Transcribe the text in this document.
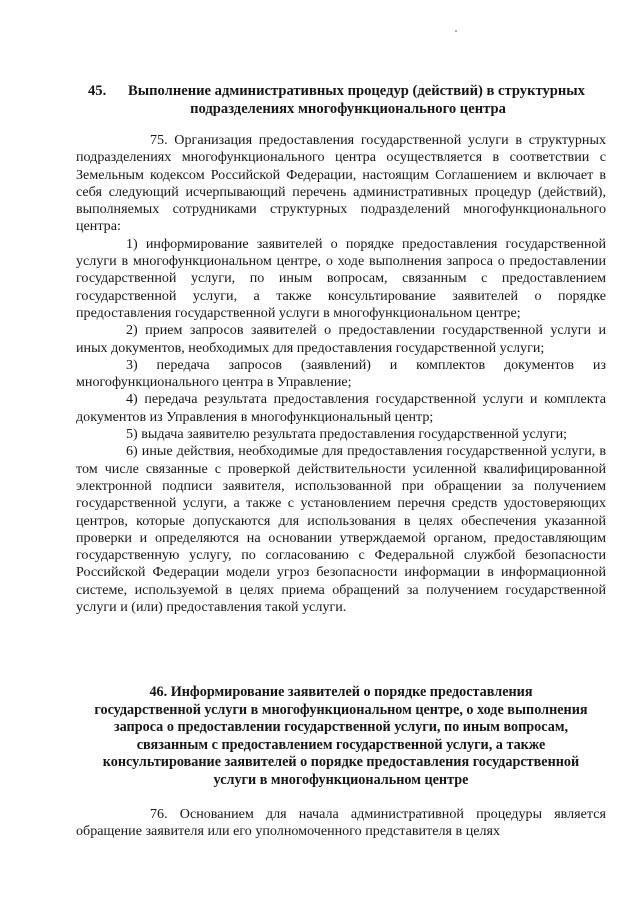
45. Выполнение административных процедур (действий) в структурных
подразделениях многофункционального центра

75. Организация предоставления государственной услуги в структурных подразделениях многофункционального центра осуществляется в соответствии с Земельным кодексом Российской Федерации, настоящим Соглашением и включает в себя следующий исчерпывающий перечень административных процедур (действий), выполняемых сотрудниками структурных подразделений многофункционального центра:

1) информирование заявителей о порядке предоставления государственной услуги в многофункциональном центре, о ходе выполнения запроса о предоставлении государственной услуги, по иным вопросам, связанным с предоставлением государственной услуги, а также консультирование заявителей о порядке предоставления государственной услуги в многофункциональном центре;

2) прием запросов заявителей о предоставлении государственной услуги и иных документов, необходимых для предоставления государственной услуги;

3) передача запросов (заявлений) и комплектов документов из многофункционального центра в Управление;

4) передача результата предоставления государственной услуги и комплекта документов из Управления в многофункциональный центр;

5) выдача заявителю результата предоставления государственной услуги;

6) иные действия, необходимые для предоставления государственной услуги, в том числе связанные с проверкой действительности усиленной квалифицированной электронной подписи заявителя, использованной при обращении за получением государственной услуги, а также с установлением перечня средств удостоверяющих центров, которые допускаются для использования в целях обеспечения указанной проверки и определяются на основании утверждаемой органом, предоставляющим государственную услугу, по согласованию с Федеральной службой безопасности Российской Федерации модели угроз безопасности информации в информационной системе, используемой в целях приема обращений за получением государственной услуги и (или) предоставления такой услуги.

46. Информирование заявителей о порядке предоставления
государственной услуги в многофункциональном центре, о ходе выполнения
запроса о предоставлении государственной услуги, по иным вопросам,
связанным с предоставлением государственной услуги, а также
консультирование заявителей о порядке предоставления государственной
услуги в многофункциональном центре

76. Основанием для начала административной процедуры является обращение заявителя или его уполномоченного представителя в целях
